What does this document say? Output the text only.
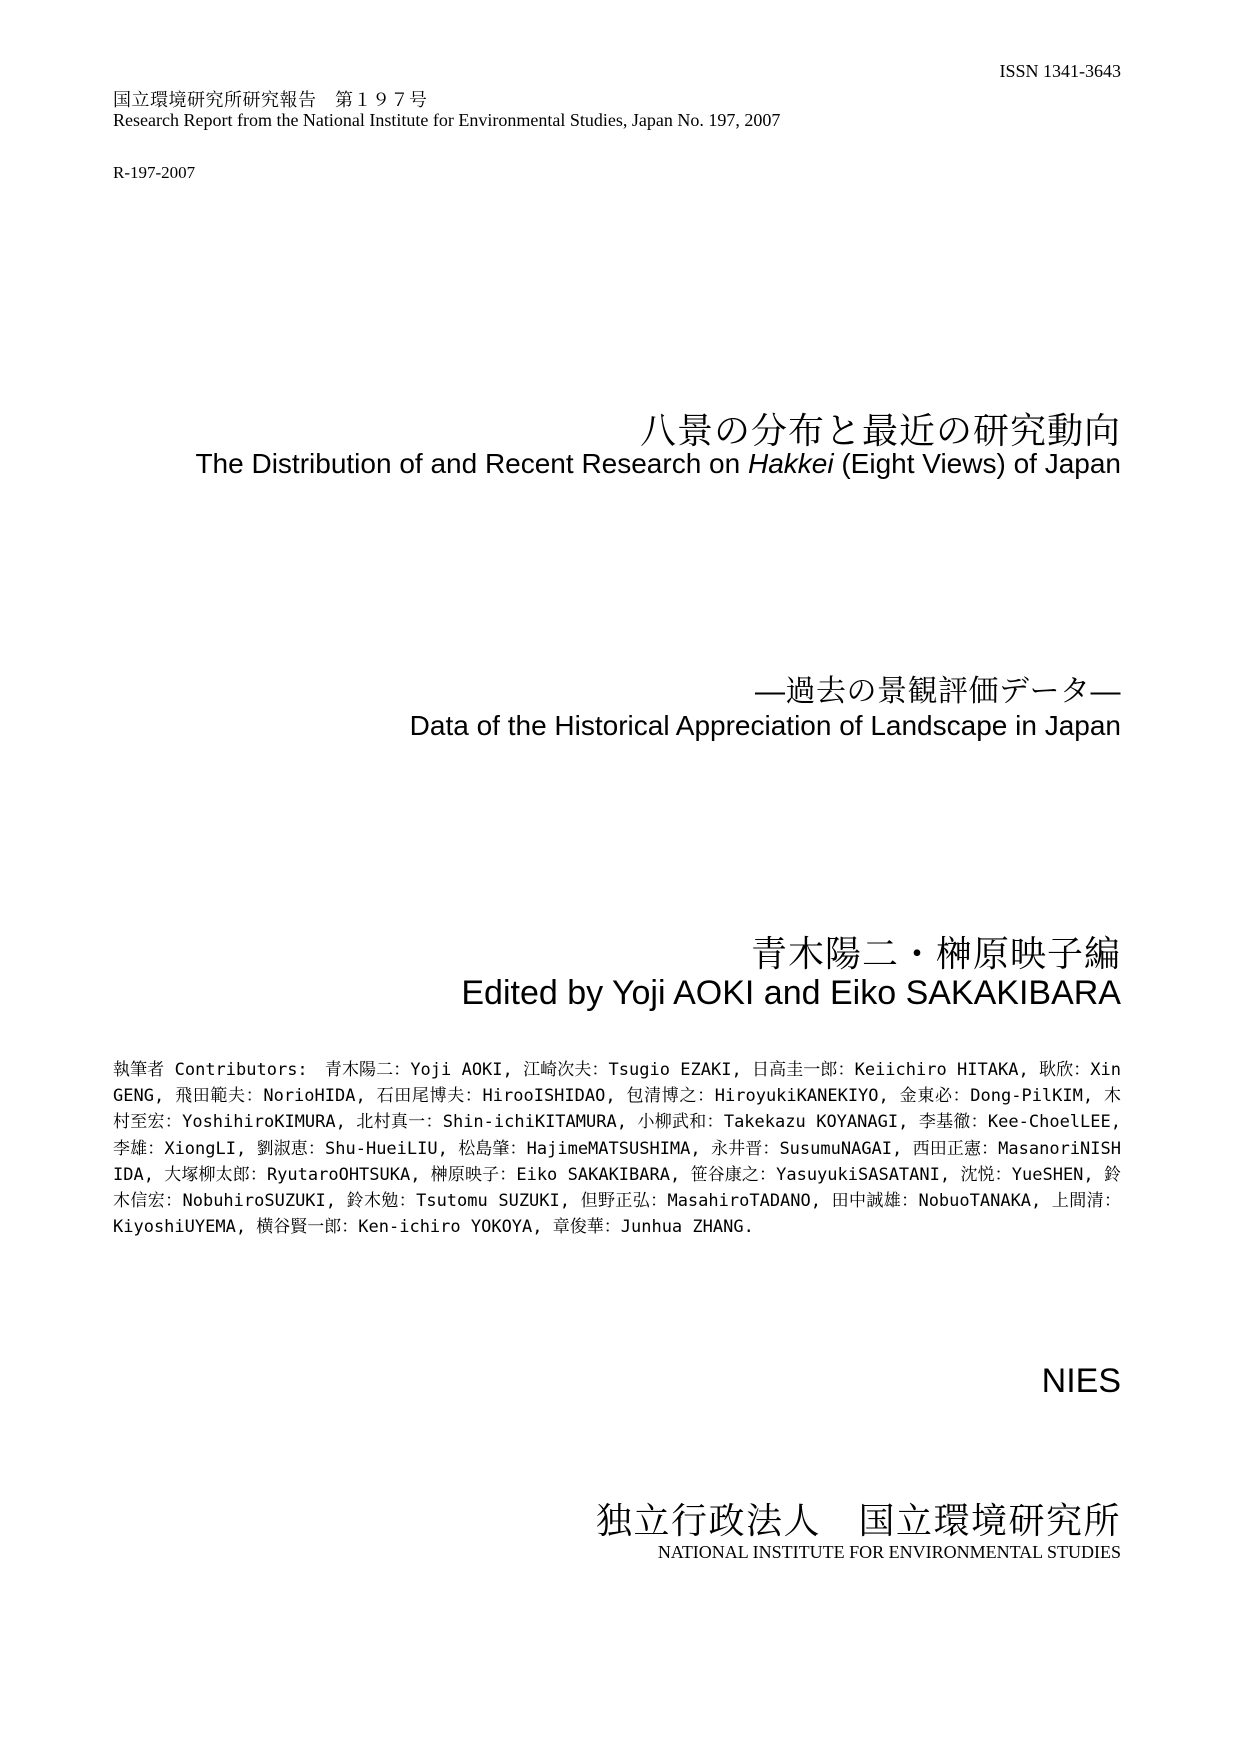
ISSN 1341-3643
国立環境研究所研究報告　第１９７号
Research Report from the National Institute for Environmental Studies, Japan No. 197, 2007
R-197-2007
八景の分布と最近の研究動向
The Distribution of and Recent Research on Hakkei (Eight Views) of Japan
―過去の景観評価データ―
Data of the Historical Appreciation of Landscape in Japan
青木陽二・榊原映子編
Edited by Yoji AOKI and Eiko SAKAKIBARA
執筆者 Contributors:　青木陽二：Yoji AOKI, 江崎次夫：Tsugio EZAKI, 日高圭一郎：Keiichiro HITAKA, 耿欣：Xin GENG, 飛田範夫：NorioHIDA, 石田尾博夫：HirooISHIDAO, 包清博之：HiroyukiKANEKIYO, 金東必：Dong-PilKIM, 木村至宏：YoshihiroKIMURA, 北村真一：Shin-ichiKITAMURA, 小柳武和：Takekazu KOYANAGI, 李基徹：Kee-ChoelLEE, 李雄：XiongLI, 劉淑恵：Shu-HueiLIU, 松島肇：HajimeMATSUSHIMA, 永井晋：SusumuNAGAI, 西田正憲：MasanoriNISHIDA, 大塚柳太郎：RyutaroOHTSUKA, 榊原映子：Eiko SAKAKIBARA, 笹谷康之：YasuyukiSASATANI, 沈悦：YueSHEN, 鈴木信宏：NobuhiroSUZUKI, 鈴木勉：Tsutomu SUZUKI, 但野正弘：MasahiroTADANO, 田中誠雄：NobuoTANAKA, 上間清：KiyoshiUYEMA, 横谷賢一郎：Ken-ichiro YOKOYA, 章俊華：Junhua ZHANG.
NIES
独立行政法人　国立環境研究所
NATIONAL INSTITUTE FOR ENVIRONMENTAL STUDIES
